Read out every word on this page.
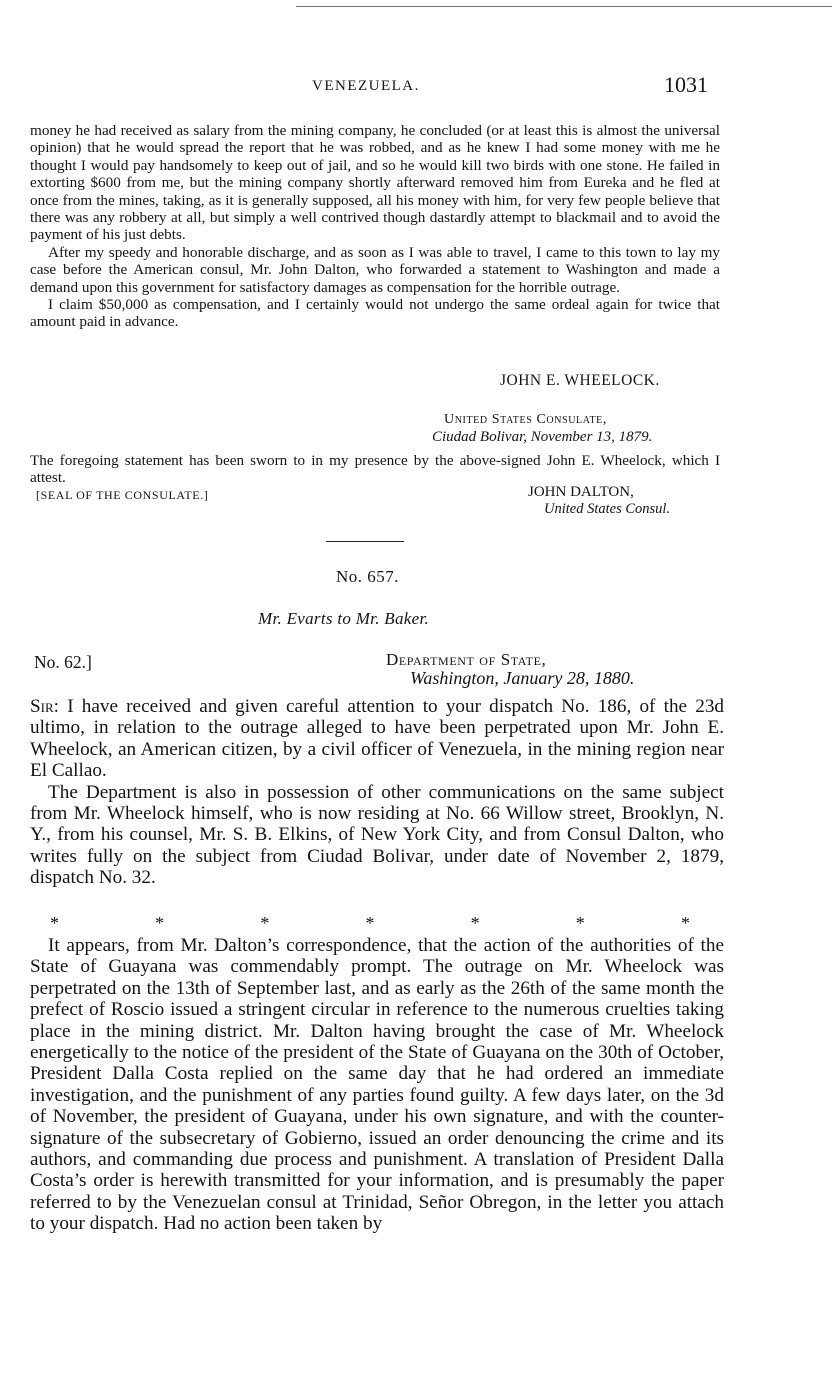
VENEZUELA.	1031

money he had received as salary from the mining company, he concluded (or at least this is almost the universal opinion) that he would spread the report that he was robbed, and as he knew I had some money with me he thought I would pay handsomely to keep out of jail, and so he would kill two birds with one stone. He failed in extorting $600 from me, but the mining company shortly afterward removed him from Eureka and he fled at once from the mines, taking, as it is generally supposed, all his money with him, for very few people believe that there was any robbery at all, but simply a well contrived though dastardly attempt to blackmail and to avoid the payment of his just debts.

After my speedy and honorable discharge, and as soon as I was able to travel, I came to this town to lay my case before the American consul, Mr. John Dalton, who forwarded a statement to Washington and made a demand upon this government for satisfactory damages as compensation for the horrible outrage.

I claim $50,000 as compensation, and I certainly would not undergo the same ordeal again for twice that amount paid in advance.

JOHN E. WHEELOCK.
United States Consulate,
Ciudad Bolivar, November 13, 1879.

The foregoing statement has been sworn to in my presence by the above-signed John E. Wheelock, which I attest.

[SEAL OF THE CONSULATE.]	JOHN DALTON,
United States Consul.
No. 657.
Mr. Evarts to Mr. Baker.
No. 62.]	Department of State,
Washington, January 28, 1880.

Sir: I have received and given careful attention to your dispatch No. 186, of the 23d ultimo, in relation to the outrage alleged to have been perpetrated upon Mr. John E. Wheelock, an American citizen, by a civil officer of Venezuela, in the mining region near El Callao.

The Department is also in possession of other communications on the same subject from Mr. Wheelock himself, who is now residing at No. 66 Willow street, Brooklyn, N. Y., from his counsel, Mr. S. B. Elkins, of New York City, and from Consul Dalton, who writes fully on the subject from Ciudad Bolivar, under date of November 2, 1879, dispatch No. 32.

*	*	*	*	*	*	*

It appears, from Mr. Dalton’s correspondence, that the action of the authorities of the State of Guayana was commendably prompt. The outrage on Mr. Wheelock was perpetrated on the 13th of September last, and as early as the 26th of the same month the prefect of Roscio issued a stringent circular in reference to the numerous cruelties taking place in the mining district. Mr. Dalton having brought the case of Mr. Wheelock energetically to the notice of the president of the State of Guayana on the 30th of October, President Dalla Costa replied on the same day that he had ordered an immediate investigation, and the punishment of any parties found guilty. A few days later, on the 3d of November, the president of Guayana, under his own signature, and with the counter-signature of the subsecretary of Gobierno, issued an order denouncing the crime and its authors, and commanding due process and punishment. A translation of President Dalla Costa’s order is herewith transmitted for your information, and is presumably the paper referred to by the Venezuelan consul at Trinidad, Señor Obregon, in the letter you attach to your dispatch. Had no action been taken by
